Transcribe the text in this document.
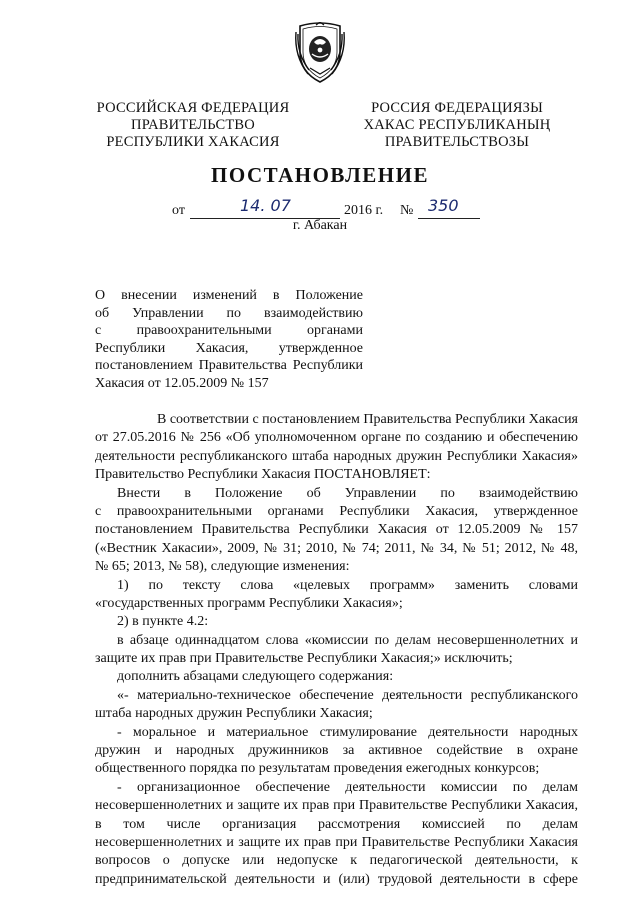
РОССИЙСКАЯ ФЕДЕРАЦИЯ
ПРАВИТЕЛЬСТВО
РЕСПУБЛИКИ ХАКАСИЯ
РОССИЯ ФЕДЕРАЦИЯЗЫ
ХАКАС РЕСПУБЛИКАНЫҢ
ПРАВИТЕЛЬСТВОЗЫ
ПОСТАНОВЛЕНИЕ
от	14. 07	2016 г. № 350
г. Абакан
О внесении изменений в Положение
об Управлении по взаимодействию
с правоохранительными органами
Республики Хакасия, утвержденное
постановлением Правительства Республики
Хакасия от 12.05.2009 № 157
В соответствии с постановлением Правительства Республики Хакасия
от 27.05.2016 № 256 «Об уполномоченном органе по созданию и обеспечению
деятельности республиканского штаба народных дружин Республики Хакасия»
Правительство Республики Хакасия ПОСТАНОВЛЯЕТ:
Внести в Положение об Управлении по взаимодействию
с правоохранительными органами Республики Хакасия, утвержденное
постановлением Правительства Республики Хакасия от 12.05.2009 № 157
(«Вестник Хакасии», 2009, № 31; 2010, № 74; 2011, № 34, № 51; 2012, № 48,
№ 65; 2013, № 58), следующие изменения:
1) по тексту слова «целевых программ» заменить словами
«государственных программ Республики Хакасия»;
2) в пункте 4.2:
в абзаце одиннадцатом слова «комиссии по делам несовершеннолетних и
защите их прав при Правительстве Республики Хакасия;» исключить;
дополнить абзацами следующего содержания:
«- материально-техническое обеспечение деятельности республиканского
штаба народных дружин Республики Хакасия;
- моральное и материальное стимулирование деятельности народных
дружин и народных дружинников за активное содействие в охране
общественного порядка по результатам проведения ежегодных конкурсов;
- организационное обеспечение деятельности комиссии по делам
несовершеннолетних и защите их прав при Правительстве Республики Хакасия,
в том числе организация рассмотрения комиссией по делам
несовершеннолетних и защите их прав при Правительстве Республики Хакасия
вопросов о допуске или недопуске к педагогической деятельности, к
предпринимательской деятельности и (или) трудовой деятельности в сфере
